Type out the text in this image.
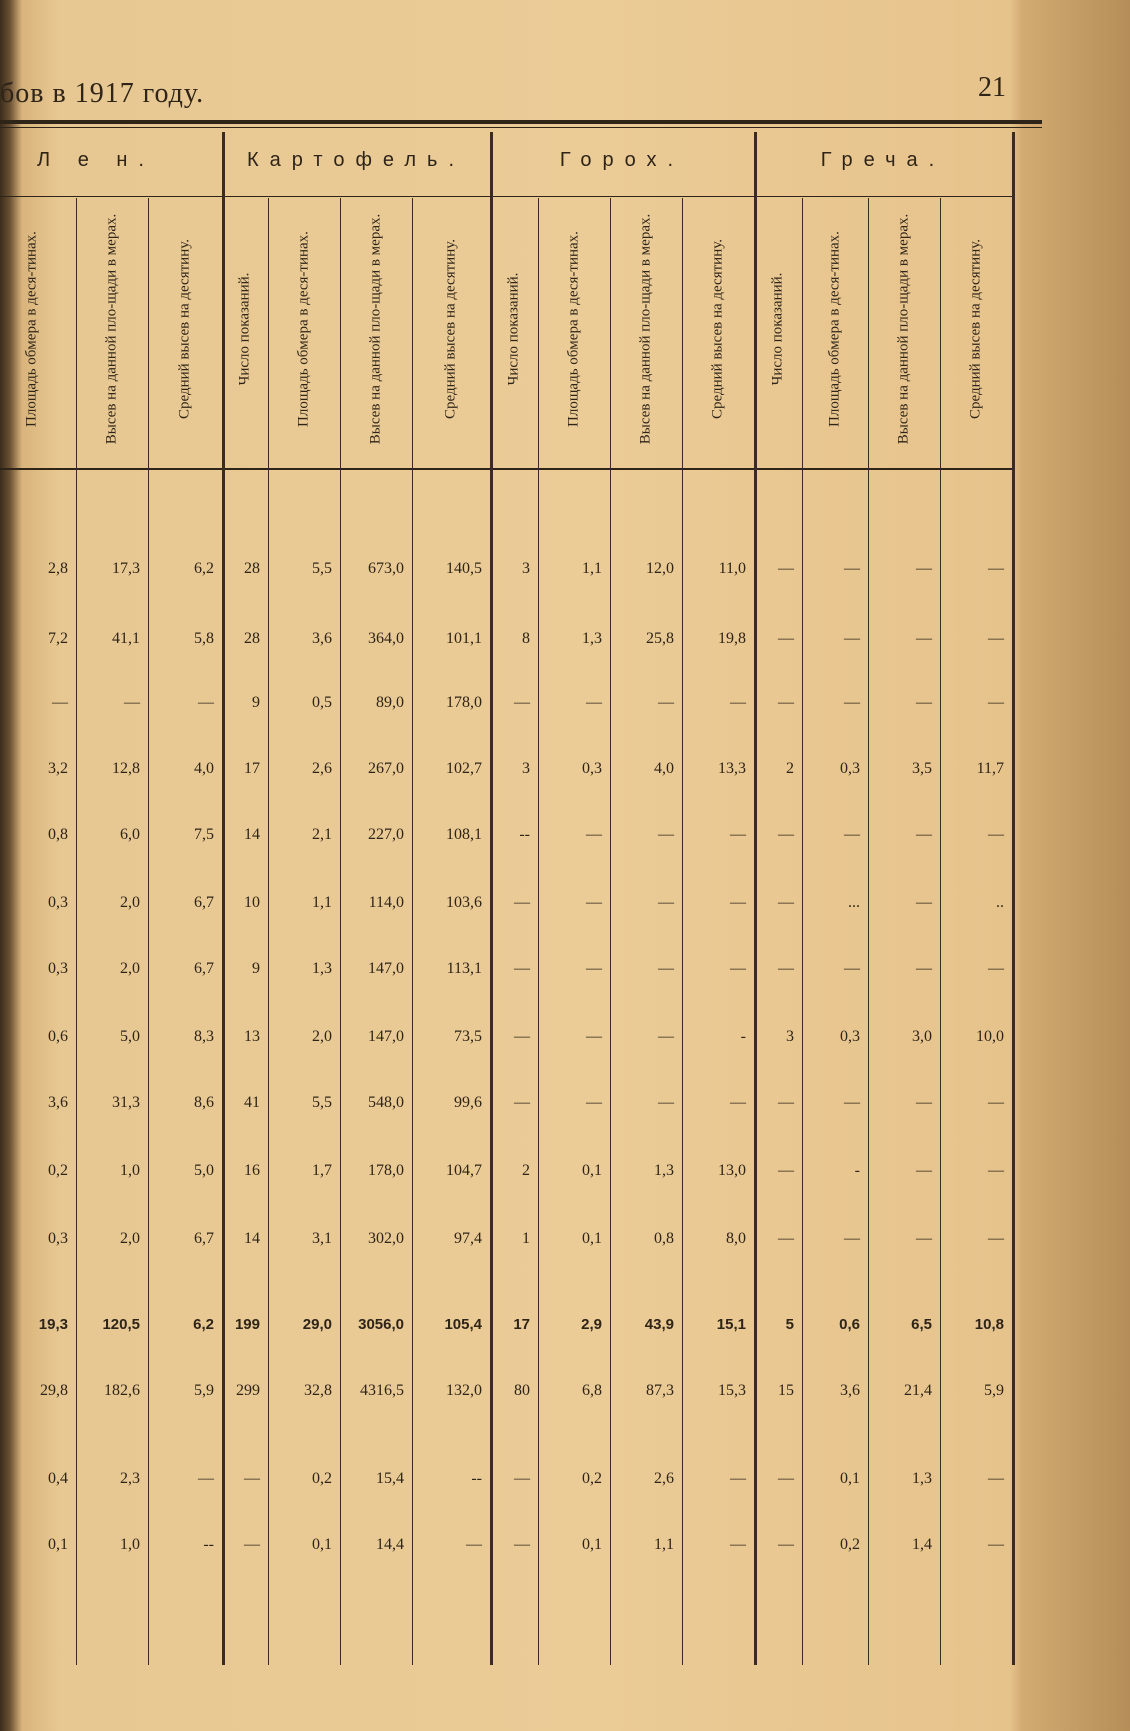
бов в 1917 году.	21
Л е н.	Картофель.	Горох.	Греча.
Площадь обмера в деся-тинах.	Высев на данной пло-щади в мерах.	Средний высев на десятину.	Число показаний.	Площадь обмера в деся-тинах.	Высев на данной пло-щади в мерах.	Средний высев на десятину.	Число показаний.	Площадь обмера в деся-тинах.	Высев на данной пло-щади в мерах.	Средний высев на десятину.	Число показаний.	Площадь обмера в деся-тинах.	Высев на данной пло-щади в мерах.	Средний высев на десятину.
2,8	17,3	6,2	28	5,5	673,0	140,5	3	1,1	12,0	11,0	—	—	—	—
7,2	41,1	5,8	28	3,6	364,0	101,1	8	1,3	25,8	19,8	—	—	—	—
—	—	—	9	0,5	89,0	178,0	—	—	—	—	—	—	—	—
3,2	12,8	4,0	17	2,6	267,0	102,7	3	0,3	4,0	13,3	2	0,3	3,5	11,7
0,8	6,0	7,5	14	2,1	227,0	108,1	--	—	—	—	—	—	—	—
0,3	2,0	6,7	10	1,1	114,0	103,6	—	—	—	—	—	...	—	..
0,3	2,0	6,7	9	1,3	147,0	113,1	—	—	—	—	—	—	—	—
0,6	5,0	8,3	13	2,0	147,0	73,5	—	—	—	-	3	0,3	3,0	10,0
3,6	31,3	8,6	41	5,5	548,0	99,6	—	—	—	—	—	—	—	—
0,2	1,0	5,0	16	1,7	178,0	104,7	2	0,1	1,3	13,0	—	-	—	—
0,3	2,0	6,7	14	3,1	302,0	97,4	1	0,1	0,8	8,0	—	—	—	—
19,3	120,5	6,2	199	29,0	3056,0	105,4	17	2,9	43,9	15,1	5	0,6	6,5	10,8
29,8	182,6	5,9	299	32,8	4316,5	132,0	80	6,8	87,3	15,3	15	3,6	21,4	5,9
0,4	2,3	—	—	0,2	15,4	--	—	0,2	2,6	—	—	0,1	1,3	—
0,1	1,0	--	—	0,1	14,4	—	—	0,1	1,1	—	—	0,2	1,4	—
